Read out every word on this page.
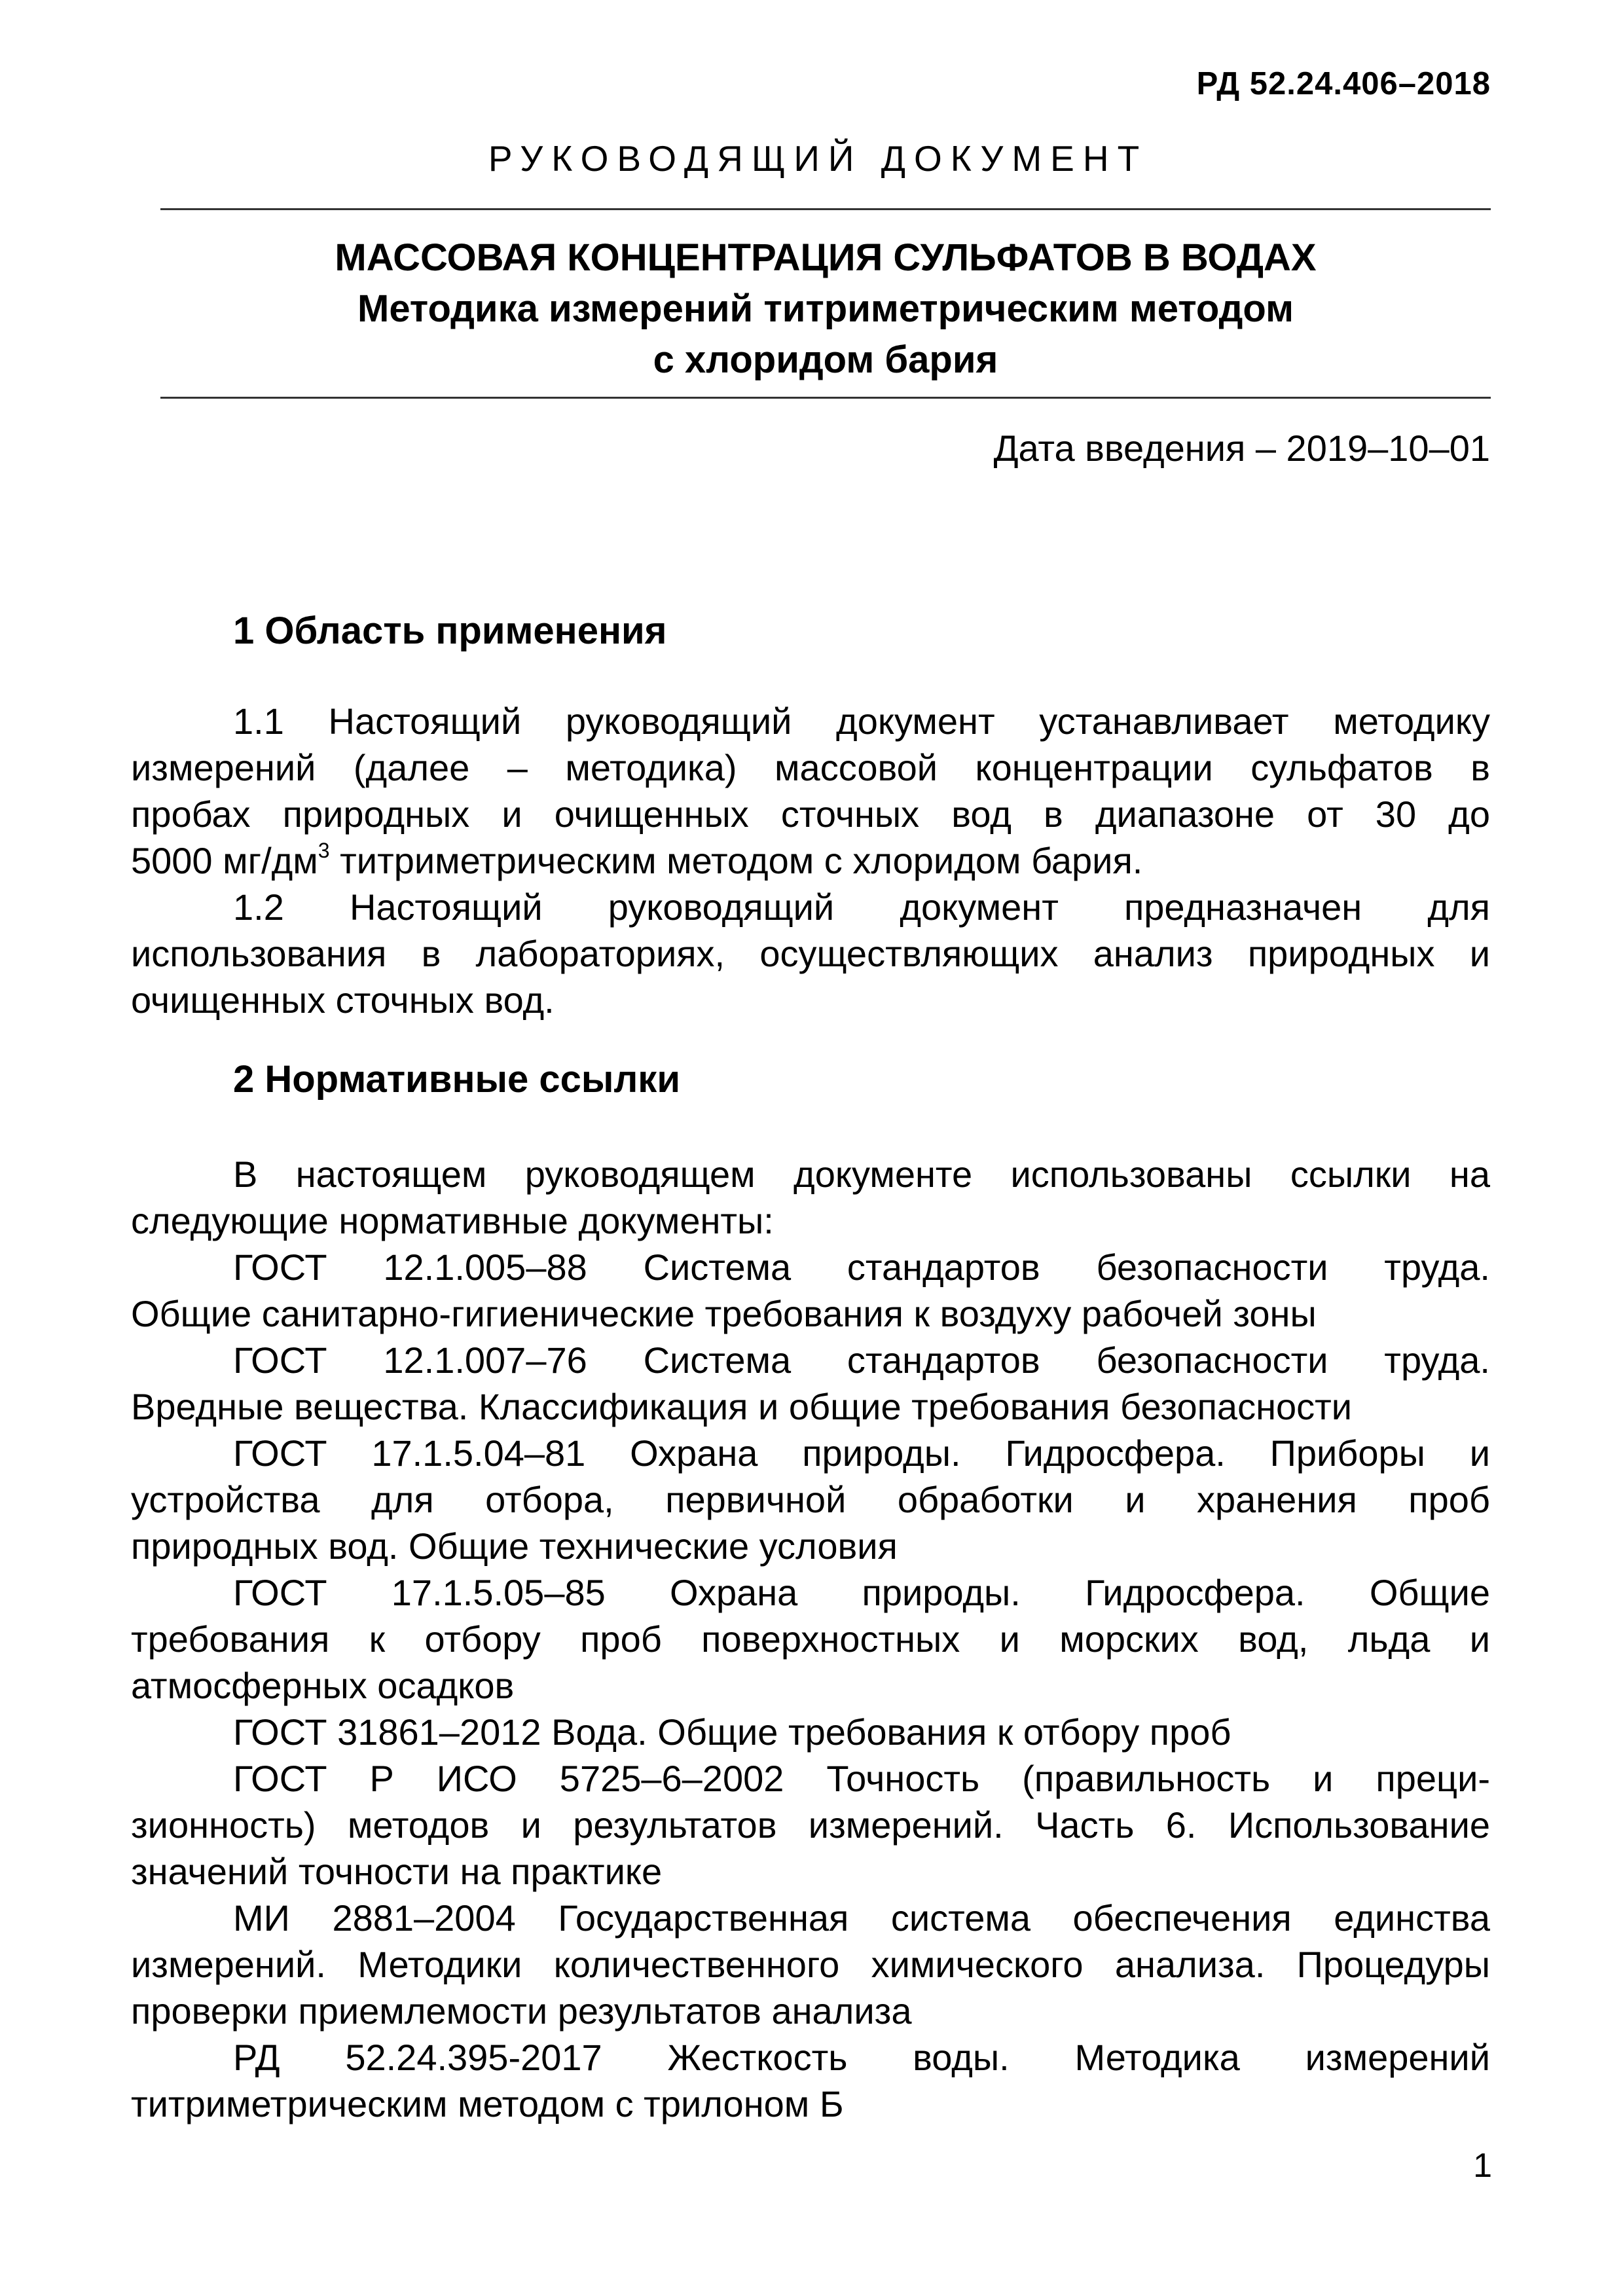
РД 52.24.406–2018
РУКОВОДЯЩИЙ ДОКУМЕНТ
МАССОВАЯ КОНЦЕНТРАЦИЯ СУЛЬФАТОВ В ВОДАХ
Методика измерений титриметрическим методом
с хлоридом бария
Дата введения – 2019–10–01
1 Область применения
1.1 Настоящий руководящий документ устанавливает методику
измерений (далее – методика) массовой концентрации сульфатов в
пробах природных и очищенных сточных вод в диапазоне от 30 до
5000 $мг/дм^3$ титриметрическим методом с хлоридом бария.
1.2 Настоящий руководящий документ предназначен для
использования в лабораториях, осуществляющих анализ природных и
очищенных сточных вод.
2 Нормативные ссылки
В настоящем руководящем документе использованы ссылки на
следующие нормативные документы:
ГОСТ 12.1.005–88 Система стандартов безопасности труда.
Общие санитарно-гигиенические требования к воздуху рабочей зоны
ГОСТ 12.1.007–76 Система стандартов безопасности труда.
Вредные вещества. Классификация и общие требования безопасности
ГОСТ 17.1.5.04–81 Охрана природы. Гидросфера. Приборы и
устройства для отбора, первичной обработки и хранения проб
природных вод. Общие технические условия
ГОСТ 17.1.5.05–85 Охрана природы. Гидросфера. Общие
требования к отбору проб поверхностных и морских вод, льда и
атмосферных осадков
ГОСТ 31861–2012 Вода. Общие требования к отбору проб
ГОСТ Р ИСО 5725–6–2002 Точность (правильность и преци-
зионность) методов и результатов измерений. Часть 6. Использование
значений точности на практике
МИ 2881–2004 Государственная система обеспечения единства
измерений. Методики количественного химического анализа. Процедуры
проверки приемлемости результатов анализа
РД 52.24.395-2017 Жесткость воды. Методика измерений
титриметрическим методом с трилоном Б
1
